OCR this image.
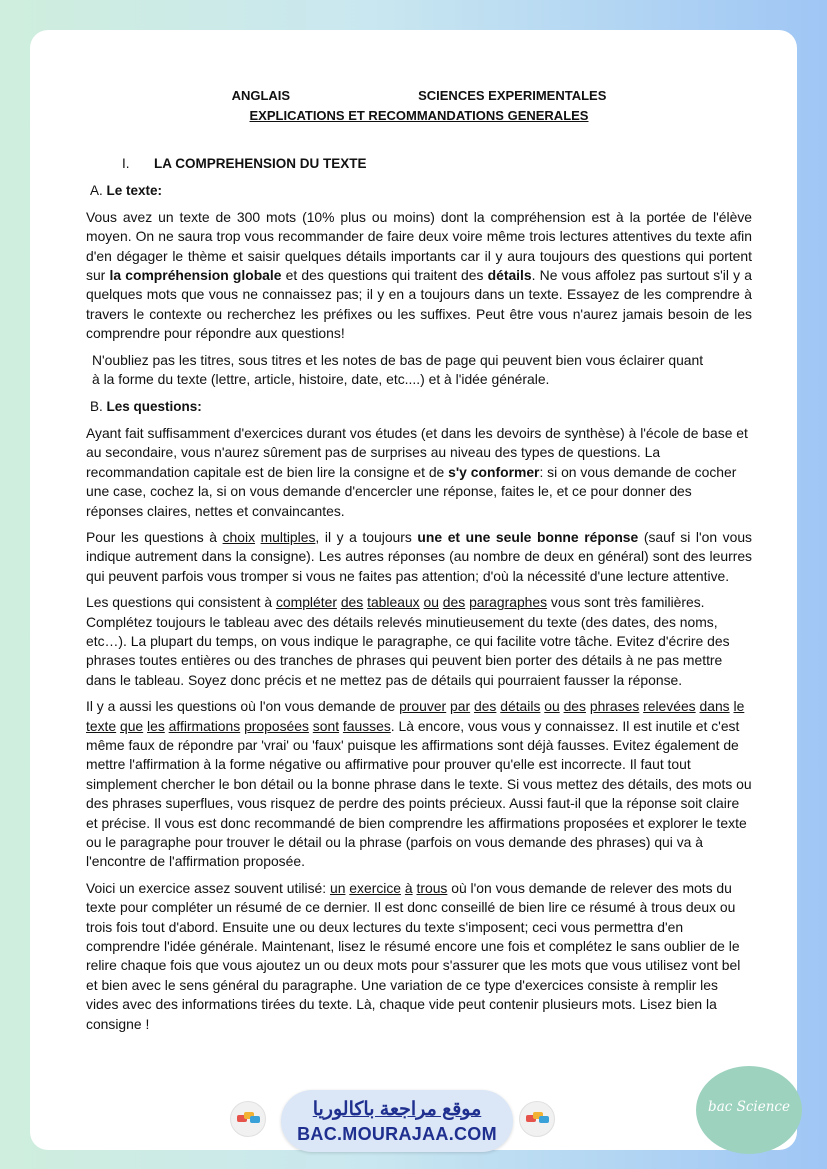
ANGLAIS	SCIENCES EXPERIMENTALES
EXPLICATIONS ET RECOMMANDATIONS GENERALES
I. LA COMPREHENSION DU TEXTE
A. Le texte:

Vous avez un texte de 300 mots (10% plus ou moins) dont la compréhension est à la portée de l'élève moyen. On ne saura trop vous recommander de faire deux voire même trois lectures attentives du texte afin d'en dégager le thème et saisir quelques détails importants car il y aura toujours des questions qui portent sur la compréhension globale et des questions qui traitent des détails. Ne vous affolez pas surtout s'il y a quelques mots que vous ne connaissez pas; il y en a toujours dans un texte. Essayez de les comprendre à travers le contexte ou recherchez les préfixes ou les suffixes. Peut être vous n'aurez jamais besoin de les comprendre pour répondre aux questions!

N'oubliez pas les titres, sous titres et les notes de bas de page qui peuvent bien vous éclairer quant
à la forme du texte (lettre, article, histoire, date, etc....) et à l'idée générale.

B. Les questions:

Ayant fait suffisamment d'exercices durant vos études (et dans les devoirs de synthèse) à l'école de base et au secondaire, vous n'aurez sûrement pas de surprises au niveau des types de questions. La recommandation capitale est de bien lire la consigne et de s'y conformer: si on vous demande de cocher une case, cochez la, si on vous demande d'encercler une réponse, faites le, et ce pour donner des réponses claires, nettes et convaincantes.

Pour les questions à choix multiples, il y a toujours une et une seule bonne réponse (sauf si l'on vous indique autrement dans la consigne). Les autres réponses (au nombre de deux en général) sont des leurres qui peuvent parfois vous tromper si vous ne faites pas attention; d'où la nécessité d'une lecture attentive.

Les questions qui consistent à compléter des tableaux ou des paragraphes vous sont très familières. Complétez toujours le tableau avec des détails relevés minutieusement du texte (des dates, des noms, etc…). La plupart du temps, on vous indique le paragraphe, ce qui facilite votre tâche. Evitez d'écrire des phrases toutes entières ou des tranches de phrases qui peuvent bien porter des détails à ne pas mettre dans le tableau. Soyez donc précis et ne mettez pas de détails qui pourraient fausser la réponse.

Il y a aussi les questions où l'on vous demande de prouver par des détails ou des phrases relevées dans le texte que les affirmations proposées sont fausses. Là encore, vous vous y connaissez. Il est inutile et c'est même faux de répondre par 'vrai' ou 'faux' puisque les affirmations sont déjà fausses. Evitez également de mettre l'affirmation à la forme négative ou affirmative pour prouver qu'elle est incorrecte. Il faut tout simplement chercher le bon détail ou la bonne phrase dans le texte. Si vous mettez des détails, des mots ou des phrases superflues, vous risquez de perdre des points précieux. Aussi faut-il que la réponse soit claire et précise. Il vous est donc recommandé de bien comprendre les affirmations proposées et explorer le texte ou le paragraphe pour trouver le détail ou la phrase (parfois on vous demande des phrases) qui va à l'encontre de l'affirmation proposée.

Voici un exercice assez souvent utilisé: un exercice à trous où l'on vous demande de relever des mots du texte pour compléter un résumé de ce dernier. Il est donc conseillé de bien lire ce résumé à trous deux ou trois fois tout d'abord. Ensuite une ou deux lectures du texte s'imposent; ceci vous permettra d'en comprendre l'idée générale. Maintenant, lisez le résumé encore une fois et complétez le sans oublier de le relire chaque fois que vous ajoutez un ou deux mots pour s'assurer que les mots que vous utilisez vont bel et bien avec le sens général du paragraphe. Une variation de ce type d'exercices consiste à remplir les vides avec des informations tirées du texte. Là, chaque vide peut contenir plusieurs mots. Lisez bien la consigne !

موقع مراجعة باكالوريا
BAC.MOURAJAA.COM
bac Science
